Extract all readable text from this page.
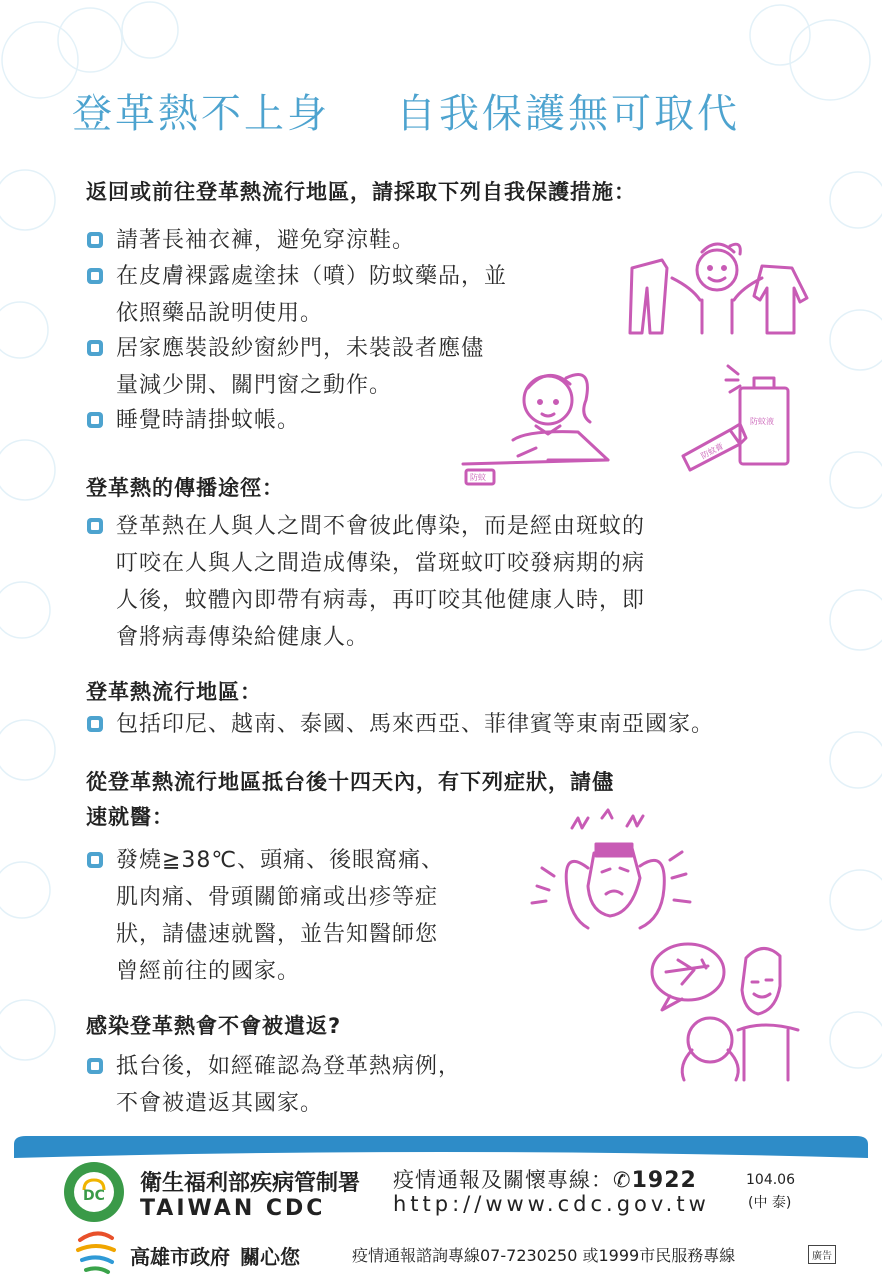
登革熱不上身 自我保護無可取代
返回或前往登革熱流行地區，請採取下列自我保護措施：
請著長袖衣褲，避免穿涼鞋。
在皮膚裸露處塗抹（噴）防蚊藥品，並
依照藥品說明使用。
居家應裝設紗窗紗門，未裝設者應儘
量減少開、關門窗之動作。
睡覺時請掛蚊帳。
防蚊
防蚊液
防蚊膏
登革熱的傳播途徑：
登革熱在人與人之間不會彼此傳染，而是經由斑蚊的
叮咬在人與人之間造成傳染，當斑蚊叮咬發病期的病
人後，蚊體內即帶有病毒，再叮咬其他健康人時，即
會將病毒傳染給健康人。
登革熱流行地區：
包括印尼、越南、泰國、馬來西亞、菲律賓等東南亞國家。
從登革熱流行地區抵台後十四天內，有下列症狀，請儘
速就醫：
發燒≧38℃、頭痛、後眼窩痛、
肌肉痛、骨頭關節痛或出疹等症
狀，請儘速就醫，並告知醫師您
曾經前往的國家。
感染登革熱會不會被遣返?
抵台後，如經確認為登革熱病例，
不會被遣返其國家。
DC 衛生福利部疾病管制署
TAIWAN CDC
疫情通報及關懷專線：✆1922
http://www.cdc.gov.tw
104.06
(中 泰)
高雄市政府 關心您	疫情通報諮詢專線07-7230250 或1999市民服務專線	廣告
